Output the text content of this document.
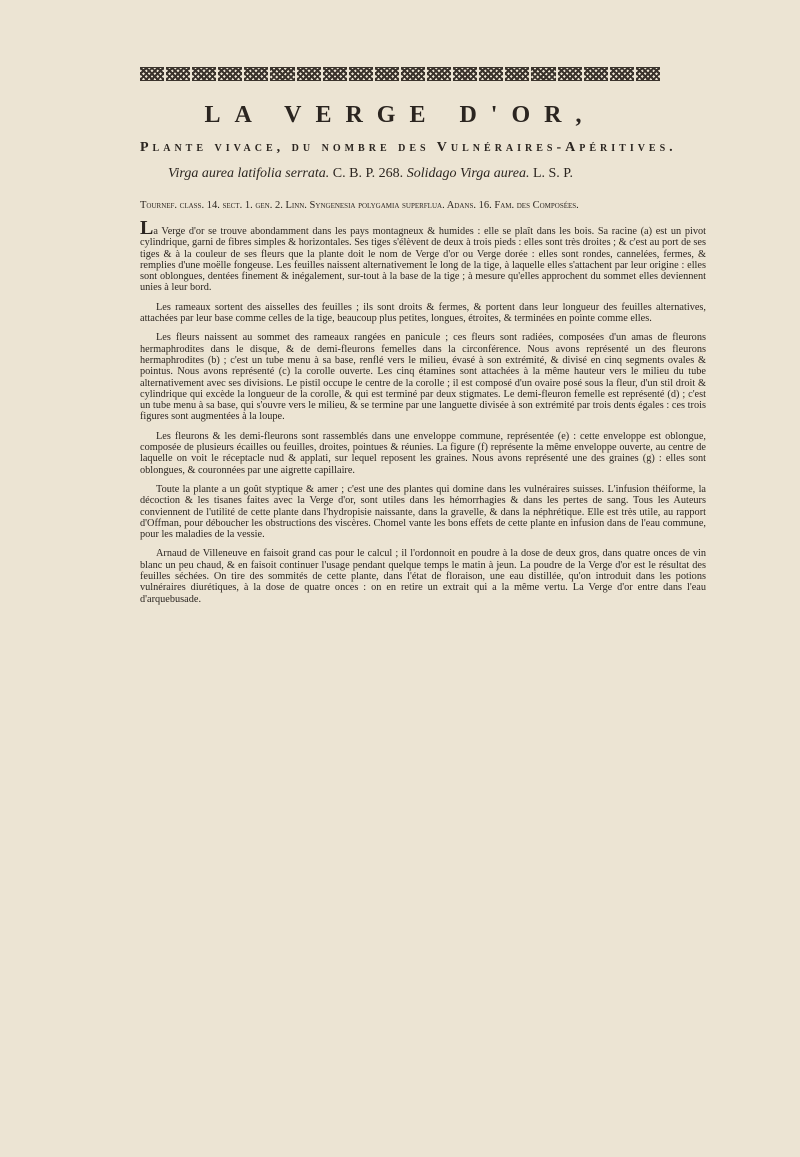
LA VERGE D'OR,

Plante vivace, du nombre des Vulnéraires-Apéritives.

Virga aurea latifolia serrata. C. B. P. 268. Solidago Virga aurea. L. S. P.

Tournef. class. 14. sect. 1. gen. 2. Linn. Syngenesia polygamia superflua. Adans. 16. Fam. des Composées.

La Verge d'or se trouve abondamment dans les pays montagneux & humides : elle se plaît dans les bois. Sa racine (a) est un pivot cylindrique, garni de fibres simples & horizontales. Ses tiges s'élèvent de deux à trois pieds : elles sont très droites ; & c'est au port de ses tiges & à la couleur de ses fleurs que la plante doit le nom de Verge d'or ou Verge dorée : elles sont rondes, cannelées, fermes, & remplies d'une moëlle fongeuse. Les feuilles naissent alternativement le long de la tige, à laquelle elles s'attachent par leur origine : elles sont oblongues, dentées finement & inégalement, sur-tout à la base de la tige ; à mesure qu'elles approchent du sommet elles deviennent unies à leur bord.

Les rameaux sortent des aisselles des feuilles ; ils sont droits & fermes, & portent dans leur longueur des feuilles alternatives, attachées par leur base comme celles de la tige, beaucoup plus petites, longues, étroites, & terminées en pointe comme elles.

Les fleurs naissent au sommet des rameaux rangées en panicule ; ces fleurs sont radiées, composées d'un amas de fleurons hermaphrodites dans le disque, & de demi-fleurons femelles dans la circonférence. Nous avons représenté un des fleurons hermaphrodites (b) ; c'est un tube menu à sa base, renflé vers le milieu, évasé à son extrémité, & divisé en cinq segments ovales & pointus. Nous avons représenté (c) la corolle ouverte. Les cinq étamines sont attachées à la même hauteur vers le milieu du tube alternativement avec ses divisions. Le pistil occupe le centre de la corolle ; il est composé d'un ovaire posé sous la fleur, d'un stil droit & cylindrique qui excède la longueur de la corolle, & qui est terminé par deux stigmates. Le demi-fleuron femelle est représenté (d) ; c'est un tube menu à sa base, qui s'ouvre vers le milieu, & se termine par une languette divisée à son extrémité par trois dents égales : ces trois figures sont augmentées à la loupe.

Les fleurons & les demi-fleurons sont rassemblés dans une enveloppe commune, représentée (e) : cette enveloppe est oblongue, composée de plusieurs écailles ou feuilles, droites, pointues & réunies. La figure (f) représente la même enveloppe ouverte, au centre de laquelle on voit le réceptacle nud & applati, sur lequel reposent les graines. Nous avons représenté une des graines (g) : elles sont oblongues, & couronnées par une aigrette capillaire.

Toute la plante a un goût styptique & amer ; c'est une des plantes qui domine dans les vulnéraires suisses. L'infusion théiforme, la décoction & les tisanes faites avec la Verge d'or, sont utiles dans les hémorrhagies & dans les pertes de sang. Tous les Auteurs conviennent de l'utilité de cette plante dans l'hydropisie naissante, dans la gravelle, & dans la néphrétique. Elle est très utile, au rapport d'Offman, pour déboucher les obstructions des viscères. Chomel vante les bons effets de cette plante en infusion dans de l'eau commune, pour les maladies de la vessie.

Arnaud de Villeneuve en faisoit grand cas pour le calcul ; il l'ordonnoit en poudre à la dose de deux gros, dans quatre onces de vin blanc un peu chaud, & en faisoit continuer l'usage pendant quelque temps le matin à jeun. La poudre de la Verge d'or est le résultat des feuilles séchées. On tire des sommités de cette plante, dans l'état de floraison, une eau distillée, qu'on introduit dans les potions vulnéraires diurétiques, à la dose de quatre onces : on en retire un extrait qui a la même vertu. La Verge d'or entre dans l'eau d'arquebusade.
